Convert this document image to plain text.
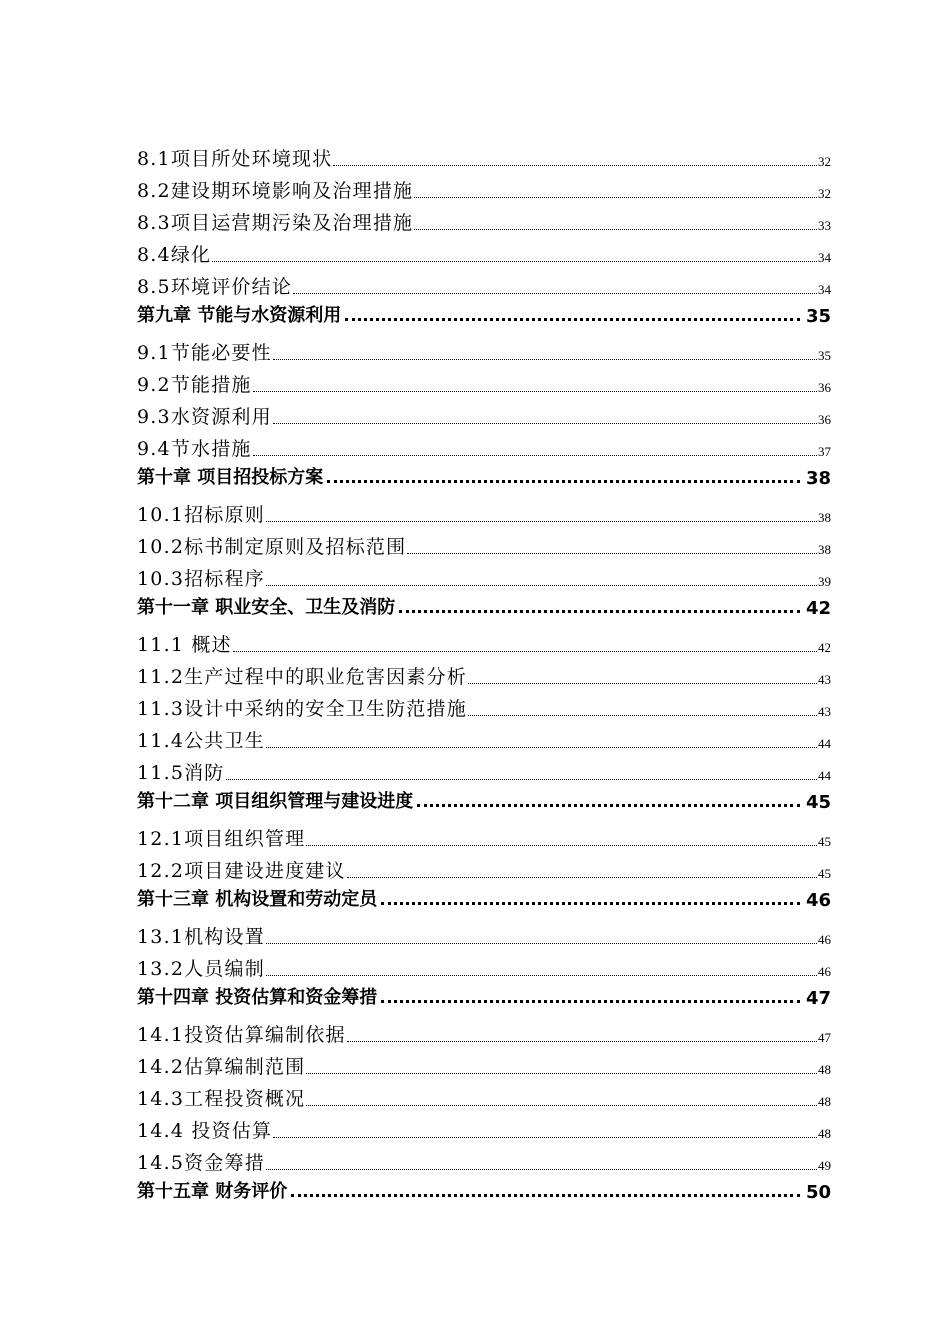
8.1项目所处环境现状	32
8.2建设期环境影响及治理措施	32
8.3项目运营期污染及治理措施	33
8.4绿化	34
8.5环境评价结论	34
第九章 节能与水资源利用	35
9.1节能必要性	35
9.2节能措施	36
9.3水资源利用	36
9.4节水措施	37
第十章 项目招投标方案	38
10.1招标原则	38
10.2标书制定原则及招标范围	38
10.3招标程序	39
第十一章 职业安全、卫生及消防	42
11.1 概述	42
11.2生产过程中的职业危害因素分析	43
11.3设计中采纳的安全卫生防范措施	43
11.4公共卫生	44
11.5消防	44
第十二章 项目组织管理与建设进度	45
12.1项目组织管理	45
12.2项目建设进度建议	45
第十三章 机构设置和劳动定员	46
13.1机构设置	46
13.2人员编制	46
第十四章 投资估算和资金筹措	47
14.1投资估算编制依据	47
14.2估算编制范围	48
14.3工程投资概况	48
14.4 投资估算	48
14.5资金筹措	49
第十五章 财务评价	50
